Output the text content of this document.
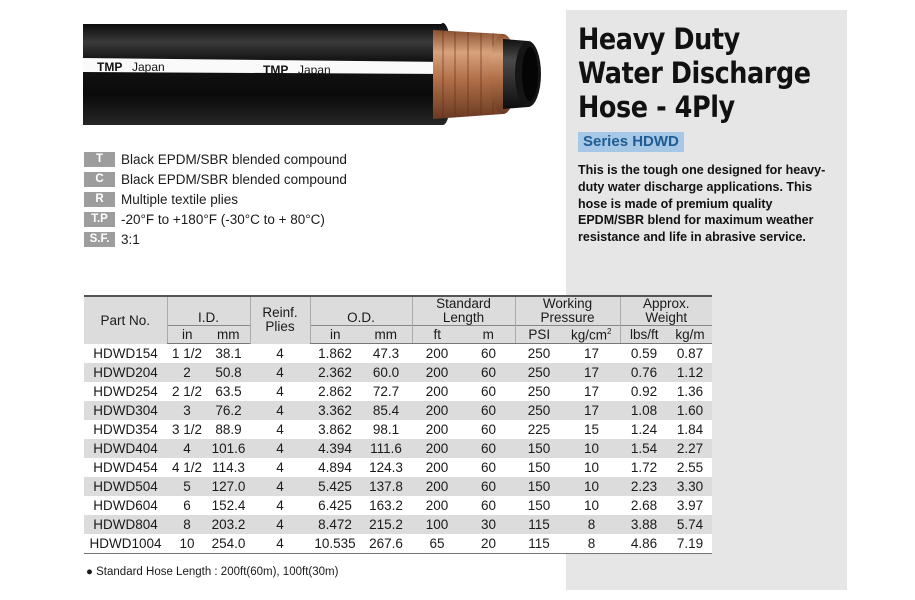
TMP Japan	TMP Japan
Heavy Duty
Water Discharge
Hose - 4Ply
Series HDWD
This is the tough one designed for heavy-duty water discharge applications. This hose is made of premium quality EPDM/SBR blend for maximum weather resistance and life in abrasive service.
T	Black EPDM/SBR blended compound
C	Black EPDM/SBR blended compound
R	Multiple textile plies
T.P -20°F to +180°F (-30°C to + 80°C)
S.F. 3:1
Part No.	I.D.		Reinf. Plies	O.D.		Standard Length		Working Pressure		Approx. Weight	
	in	mm		in	mm	ft	m	PSI	$kg/cm^2$	lbs/ft	kg/m
HDWD154	1 1/2	38.1	4	1.862	47.3	200	60	250	17	0.59	0.87
HDWD204	2	50.8	4	2.362	60.0	200	60	250	17	0.76	1.12
HDWD254	2 1/2	63.5	4	2.862	72.7	200	60	250	17	0.92	1.36
HDWD304	3	76.2	4	3.362	85.4	200	60	250	17	1.08	1.60
HDWD354	3 1/2	88.9	4	3.862	98.1	200	60	225	15	1.24	1.84
HDWD404	4	101.6	4	4.394	111.6	200	60	150	10	1.54	2.27
HDWD454	4 1/2	114.3	4	4.894	124.3	200	60	150	10	1.72	2.55
HDWD504	5	127.0	4	5.425	137.8	200	60	150	10	2.23	3.30
HDWD604	6	152.4	4	6.425	163.2	200	60	150	10	2.68	3.97
HDWD804	8	203.2	4	8.472	215.2	100	30	115	8	3.88	5.74
HDWD1004	10	254.0	4	10.535	267.6	65	20	115	8	4.86	7.19
● Standard Hose Length : 200ft(60m), 100ft(30m)
